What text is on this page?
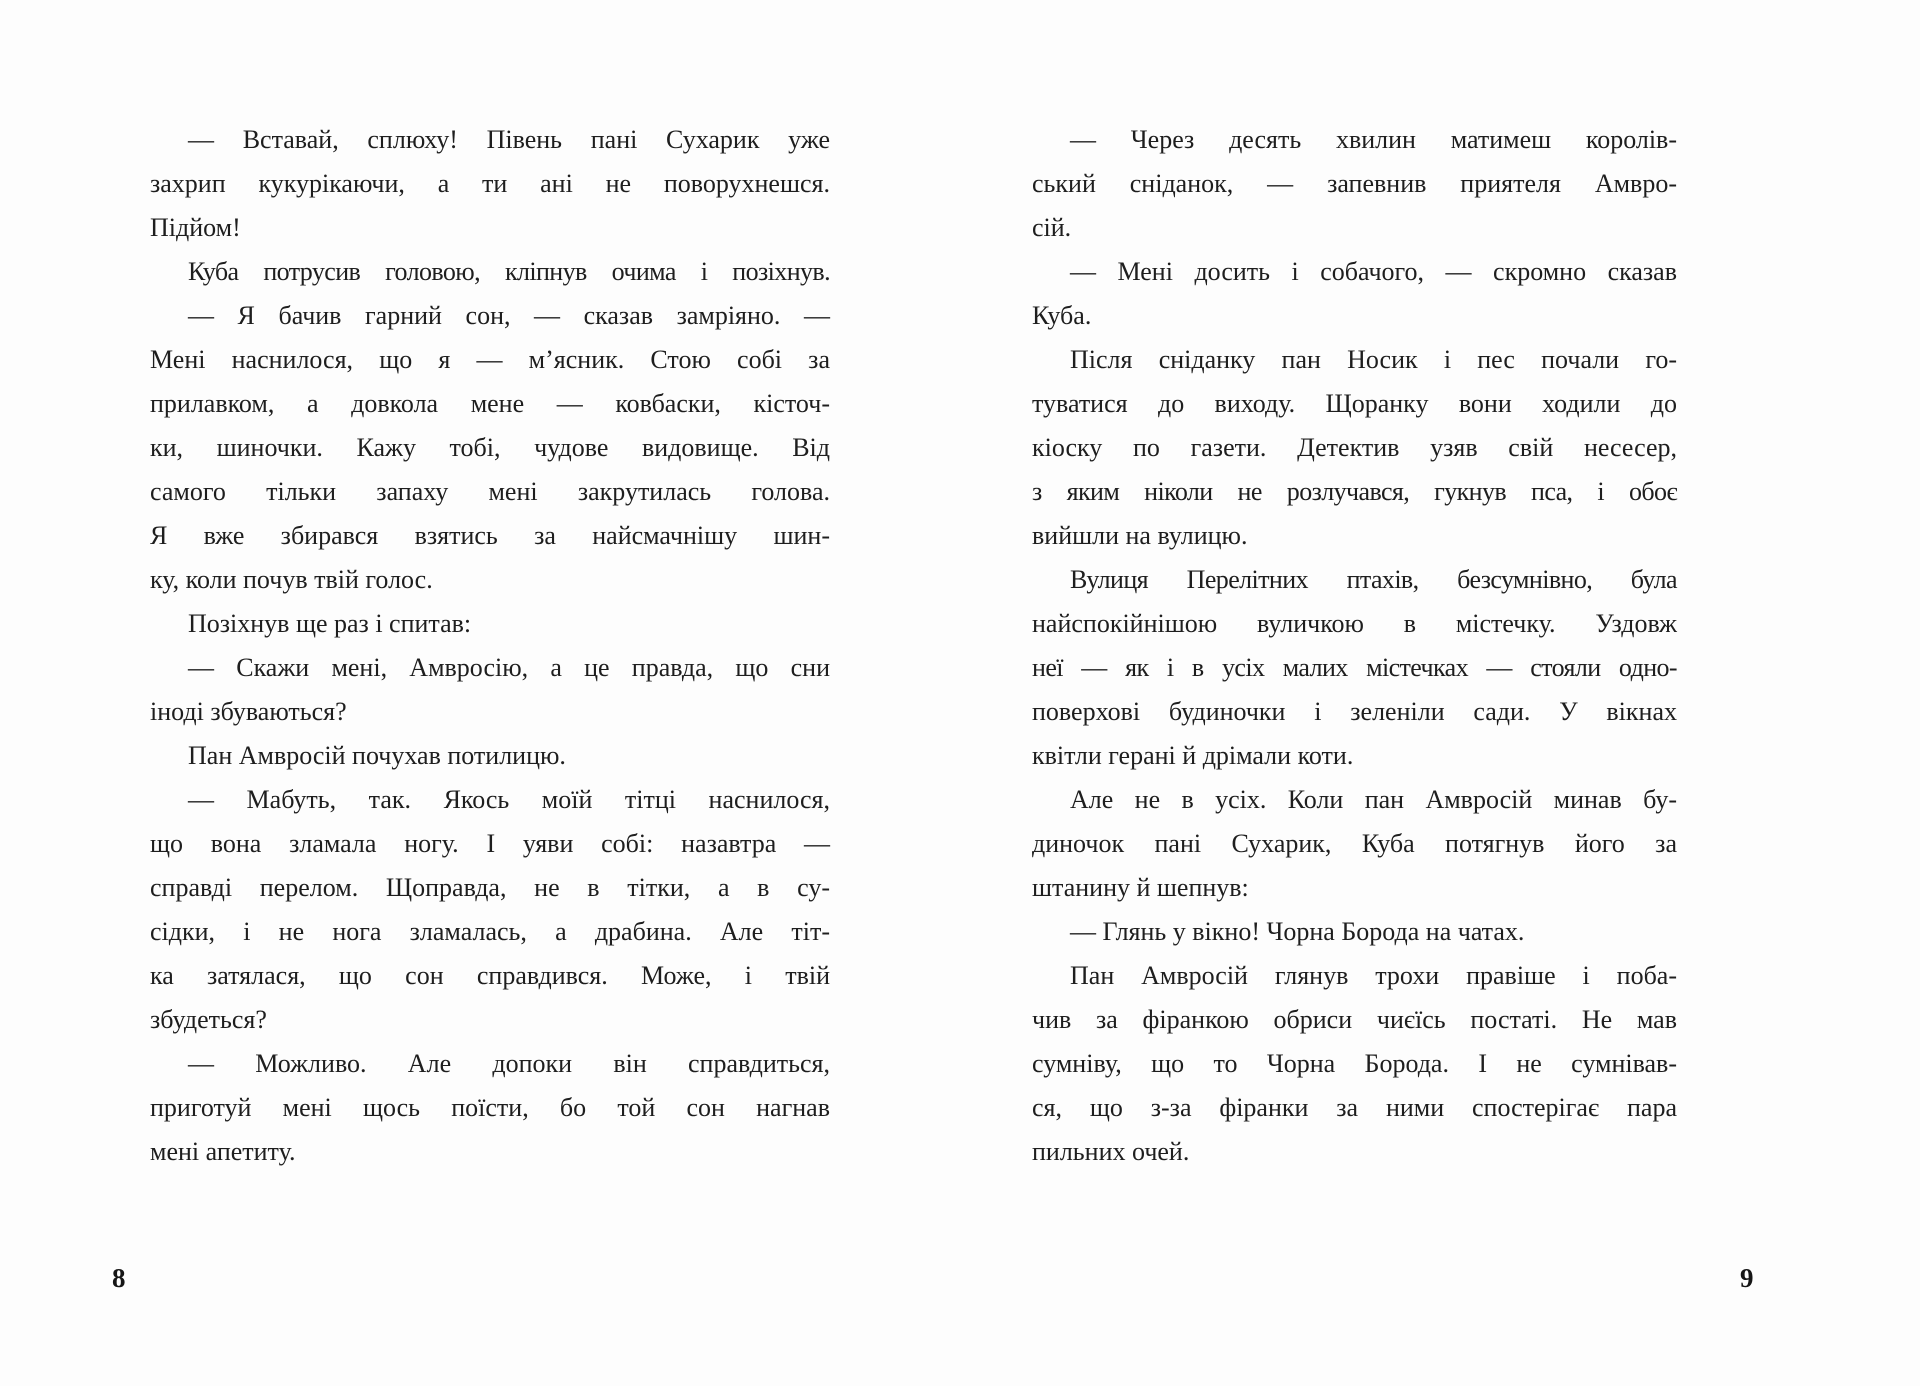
— Вставай, сплюху! Півень пані Сухарик уже
захрип кукурікаючи, а ти ані не поворухнешся.
Підйом!
Куба потрусив головою, кліпнув очима і позіхнув.
— Я бачив гарний сон, — сказав замріяно. —
Мені наснилося, що я — м’ясник. Стою собі за
прилавком, а довкола мене — ковбаски, кісточ-
ки, шиночки. Кажу тобі, чудове видовище. Від
самого тільки запаху мені закрутилась голова.
Я вже збирався взятись за найсмачнішу шин-
ку, коли почув твій голос.
Позіхнув ще раз і спитав:
— Скажи мені, Амвросію, а це правда, що сни
іноді збуваються?
Пан Амвросій почухав потилицю.
— Мабуть, так. Якось моїй тітці наснилося,
що вона зламала ногу. І уяви собі: назавтра —
справді перелом. Щоправда, не в тітки, а в су-
сідки, і не нога зламалась, а драбина. Але тіт-
ка затялася, що сон справдився. Може, і твій
збудеться?
— Можливо. Але допоки він справдиться,
приготуй мені щось поїсти, бо той сон нагнав
мені апетиту.
— Через десять хвилин матимеш королів-
ський сніданок, — запевнив приятеля Амвро-
сій.
— Мені досить і собачого, — скромно сказав
Куба.
Після сніданку пан Носик і пес почали го-
туватися до виходу. Щоранку вони ходили до
кіоску по газети. Детектив узяв свій несесер,
з яким ніколи не розлучався, гукнув пса, і обоє
вийшли на вулицю.
Вулиця Перелітних птахів, безсумнівно, була
найспокійнішою вуличкою в містечку. Уздовж
неї — як і в усіх малих містечках — стояли одно-
поверхові будиночки і зеленіли сади. У вікнах
квітли герані й дрімали коти.
Але не в усіх. Коли пан Амвросій минав бу-
диночок пані Сухарик, Куба потягнув його за
штанину й шепнув:
— Глянь у вікно! Чорна Борода на чатах.
Пан Амвросій глянув трохи правіше і поба-
чив за фіранкою обриси чиєїсь постаті. Не мав
сумніву, що то Чорна Борода. І не сумнівав-
ся, що з-за фіранки за ними спостерігає пара
пильних очей.
8	9
